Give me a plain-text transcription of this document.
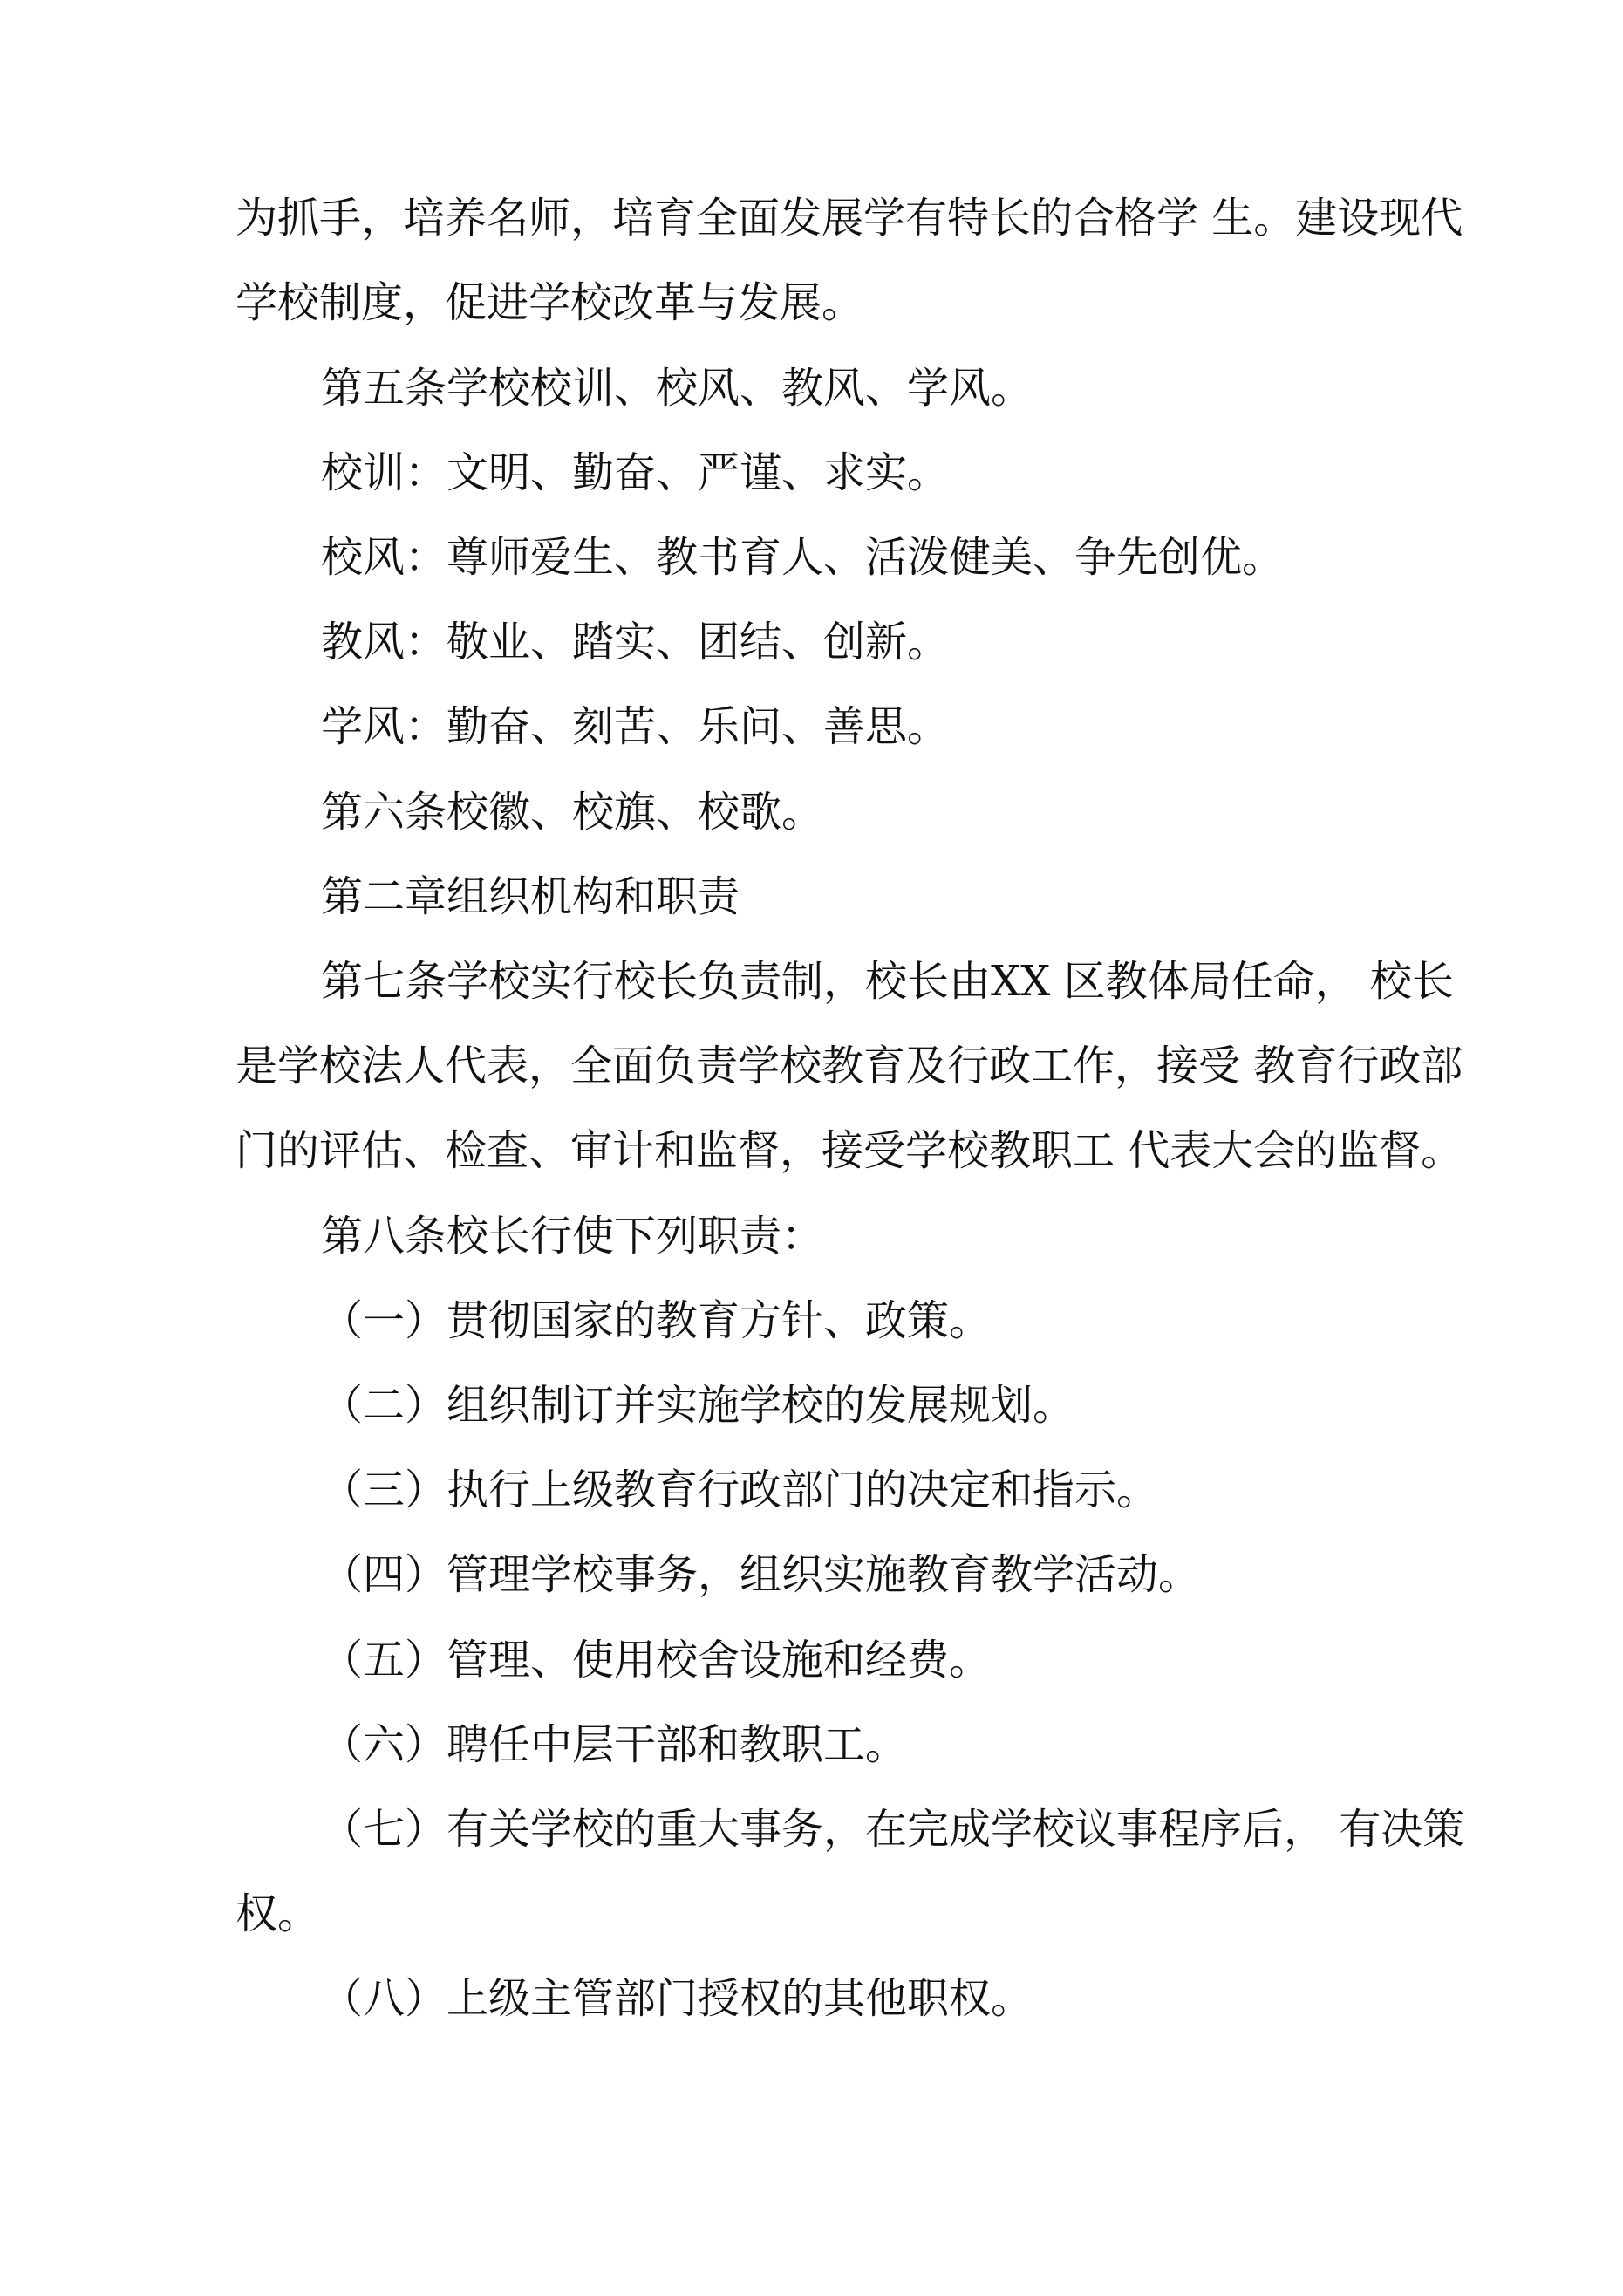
为抓手，培养名师，培育全面发展学有特长的合格学 生。建设现代

学校制度，促进学校改革与发展。

第五条学校校训、校风、教风、学风。

校训：文明、勤奋、严谨、求实。

校风：尊师爱生、教书育人、活泼健美、争先创优。

教风：敬业、踏实、团结、创新。

学风：勤奋、刻苦、乐问、善思。

第六条校徽、校旗、校歌。

第二章组织机构和职责

第七条学校实行校长负责制，校长由XX 区教体局任命， 校长

是学校法人代表，全面负责学校教育及行政工作，接受 教育行政部

门的评估、检查、审计和监督，接受学校教职工 代表大会的监督。

第八条校长行使下列职责：

（一）贯彻国家的教育方针、政策。

（二）组织制订并实施学校的发展规划。

（三）执行上级教育行政部门的决定和指示。

（四）管理学校事务，组织实施教育教学活动。

（五）管理、使用校舍设施和经费。

（六）聘任中层干部和教职工。

（七）有关学校的重大事务，在完成学校议事程序后， 有决策

权。

（八）上级主管部门授权的其他职权。
